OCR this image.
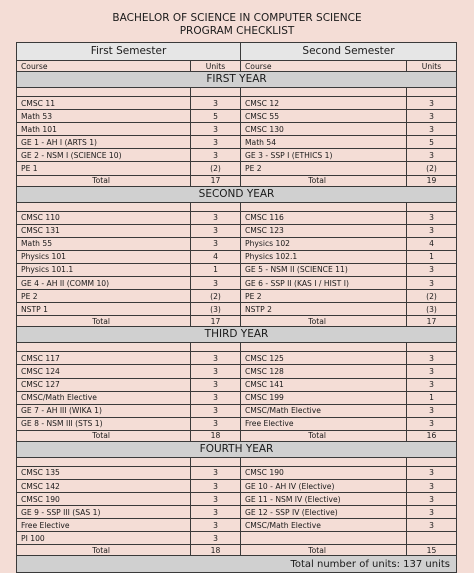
BACHELOR OF SCIENCE IN COMPUTER SCIENCE
PROGRAM CHECKLIST
First Semester		Second Semester	
Course	Units	Course	Units
FIRST YEAR			

CMSC 11	3	CMSC 12	3
Math 53	5	CMSC 55	3
Math 101	3	CMSC 130	3
GE 1 - AH I (ARTS 1)	3	Math 54	5
GE 2 - NSM I (SCIENCE 10)	3	GE 3 - SSP I (ETHICS 1)	3
PE 1	(2)	PE 2	(2)
Total	17	Total	19
SECOND YEAR			

CMSC 110	3	CMSC 116	3
CMSC 131	3	CMSC 123	3
Math 55	3	Physics 102	4
Physics 101	4	Physics 102.1	1
Physics 101.1	1	GE 5 - NSM II (SCIENCE 11)	3
GE 4 - AH II (COMM 10)	3	GE 6 - SSP II (KAS I / HIST I)	3
PE 2	(2)	PE 2	(2)
NSTP 1	(3)	NSTP 2	(3)
Total	17	Total	17
THIRD YEAR			

CMSC 117	3	CMSC 125	3
CMSC 124	3	CMSC 128	3
CMSC 127	3	CMSC 141	3
CMSC/Math Elective	3	CMSC 199	1
GE 7 - AH III (WIKA 1)	3	CMSC/Math Elective	3
GE 8 - NSM III (STS 1)	3	Free Elective	3
Total	18	Total	16
FOURTH YEAR			

CMSC 135	3	CMSC 190	3
CMSC 142	3	GE 10 - AH IV (Elective)	3
CMSC 190	3	GE 11 - NSM IV (Elective)	3
GE 9 - SSP III (SAS 1)	3	GE 12 - SSP IV (Elective)	3
Free Elective	3	CMSC/Math Elective	3
PI 100	3		
Total	18	Total	15
Total number of units: 137 units			
